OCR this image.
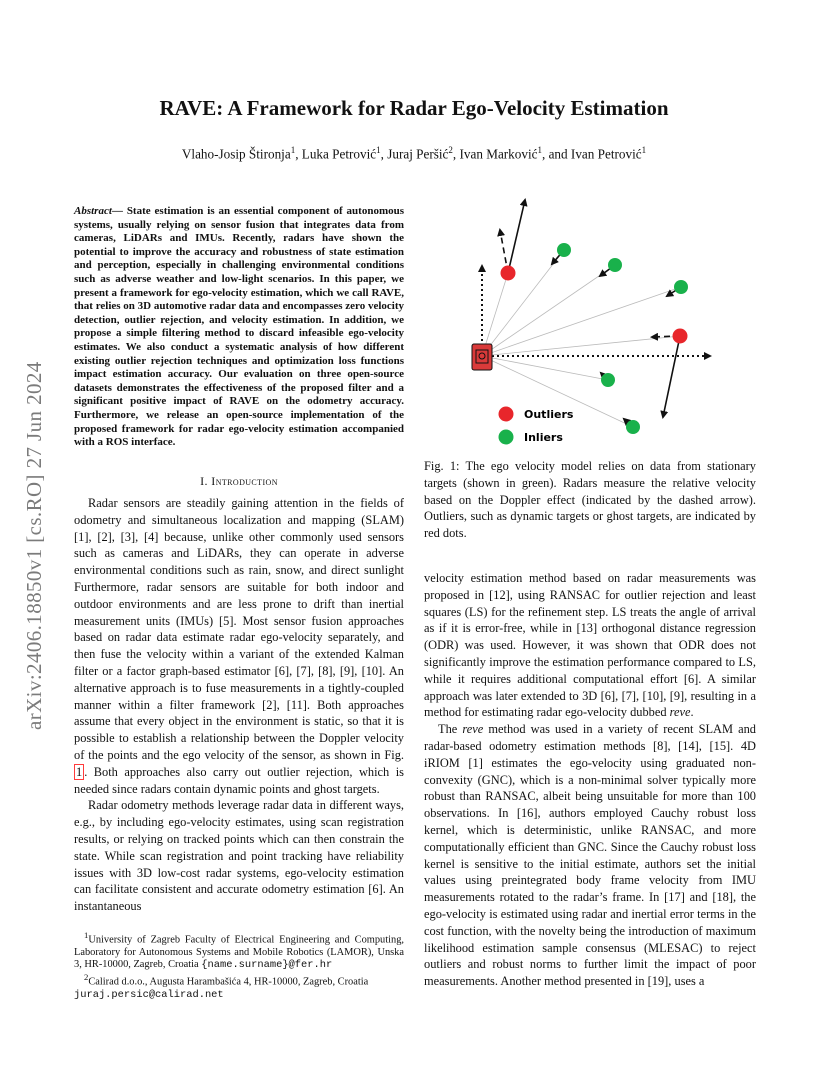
RAVE: A Framework for Radar Ego-Velocity Estimation
Vlaho-Josip Štironja$^1$, Luka Petrović$^1$, Juraj Peršić$^2$, Ivan Marković$^1$, and Ivan Petrović$^1$
arXiv:2406.18850v1 [cs.RO] 27 Jun 2024
Abstract— State estimation is an essential component of autonomous systems, usually relying on sensor fusion that integrates data from cameras, LiDARs and IMUs. Recently, radars have shown the potential to improve the accuracy and robustness of state estimation and perception, especially in challenging environmental conditions such as adverse weather and low-light scenarios. In this paper, we present a framework for ego-velocity estimation, which we call RAVE, that relies on 3D automotive radar data and encompasses zero velocity detection, outlier rejection, and velocity estimation. In addition, we propose a simple filtering method to discard infeasible ego-velocity estimates. We also conduct a systematic analysis of how different existing outlier rejection techniques and optimization loss functions impact estimation accuracy. Our evaluation on three open-source datasets demonstrates the effectiveness of the proposed filter and a significant positive impact of RAVE on the odometry accuracy. Furthermore, we release an open-source implementation of the proposed framework for radar ego-velocity estimation accompanied with a ROS interface.
I. Introduction

Radar sensors are steadily gaining attention in the fields of odometry and simultaneous localization and mapping (SLAM) [1], [2], [3], [4] because, unlike other commonly used sensors such as cameras and LiDARs, they can operate in adverse environmental conditions such as rain, snow, and direct sunlight Furthermore, radar sensors are suitable for both indoor and outdoor environments and are less prone to drift than inertial measurement units (IMUs) [5]. Most sensor fusion approaches based on radar data estimate radar ego-velocity separately, and then fuse the velocity within a variant of the extended Kalman filter or a factor graph-based estimator [6], [7], [8], [9], [10]. An alternative approach is to fuse measurements in a tightly-coupled manner within a filter framework [2], [11]. Both approaches assume that every object in the environment is static, so that it is possible to establish a relationship between the Doppler velocity of the points and the ego velocity of the sensor, as shown in Fig. 1 . Both approaches also carry out outlier rejection, which is needed since radars contain dynamic points and ghost targets.

Radar odometry methods leverage radar data in different ways, e.g., by including ego-velocity estimates, using scan registration results, or relying on tracked points which can then constrain the state. While scan registration and point tracking have reliability issues with 3D low-cost radar systems, ego-velocity estimation can facilitate consistent and accurate odometry estimation [6]. An instantaneous

$^1$University of Zagreb Faculty of Electrical Engineering and Computing, Laboratory for Autonomous Systems and Mobile Robotics (LAMOR), Unska 3, HR-10000, Zagreb, Croatia {name.surname}@fer.hr
$^2$Calirad d.o.o., Augusta Harambašića 4, HR-10000, Zagreb, Croatia
juraj.persic@calirad.net
Outliers
Inliers
Fig. 1: The ego velocity model relies on data from stationary targets (shown in green). Radars measure the relative velocity based on the Doppler effect (indicated by the dashed arrow). Outliers, such as dynamic targets or ghost targets, are indicated by red dots.

velocity estimation method based on radar measurements was proposed in [12], using RANSAC for outlier rejection and least squares (LS) for the refinement step. LS treats the angle of arrival as if it is error-free, while in [13] orthogonal distance regression (ODR) was used. However, it was shown that ODR does not significantly improve the estimation performance compared to LS, while it requires additional computational effort [6]. A similar approach was later extended to 3D [6], [7], [10], [9], resulting in a method for estimating radar ego-velocity dubbed reve.

The reve method was used in a variety of recent SLAM and radar-based odometry estimation methods [8], [14], [15]. 4D iRIOM [1] estimates the ego-velocity using graduated non-convexity (GNC), which is a non-minimal solver typically more robust than RANSAC, albeit being unsuitable for more than 100 observations. In [16], authors employed Cauchy robust loss kernel, which is deterministic, unlike RANSAC, and more computationally efficient than GNC. Since the Cauchy robust loss kernel is sensitive to the initial estimate, authors set the initial values using preintegrated body frame velocity from IMU measurements rotated to the radar’s frame. In [17] and [18], the ego-velocity is estimated using radar and inertial error terms in the cost function, with the novelty being the introduction of maximum likelihood estimation sample consensus (MLESAC) to reject outliers and robust norms to further limit the impact of poor measurements. Another method presented in [19], uses a
